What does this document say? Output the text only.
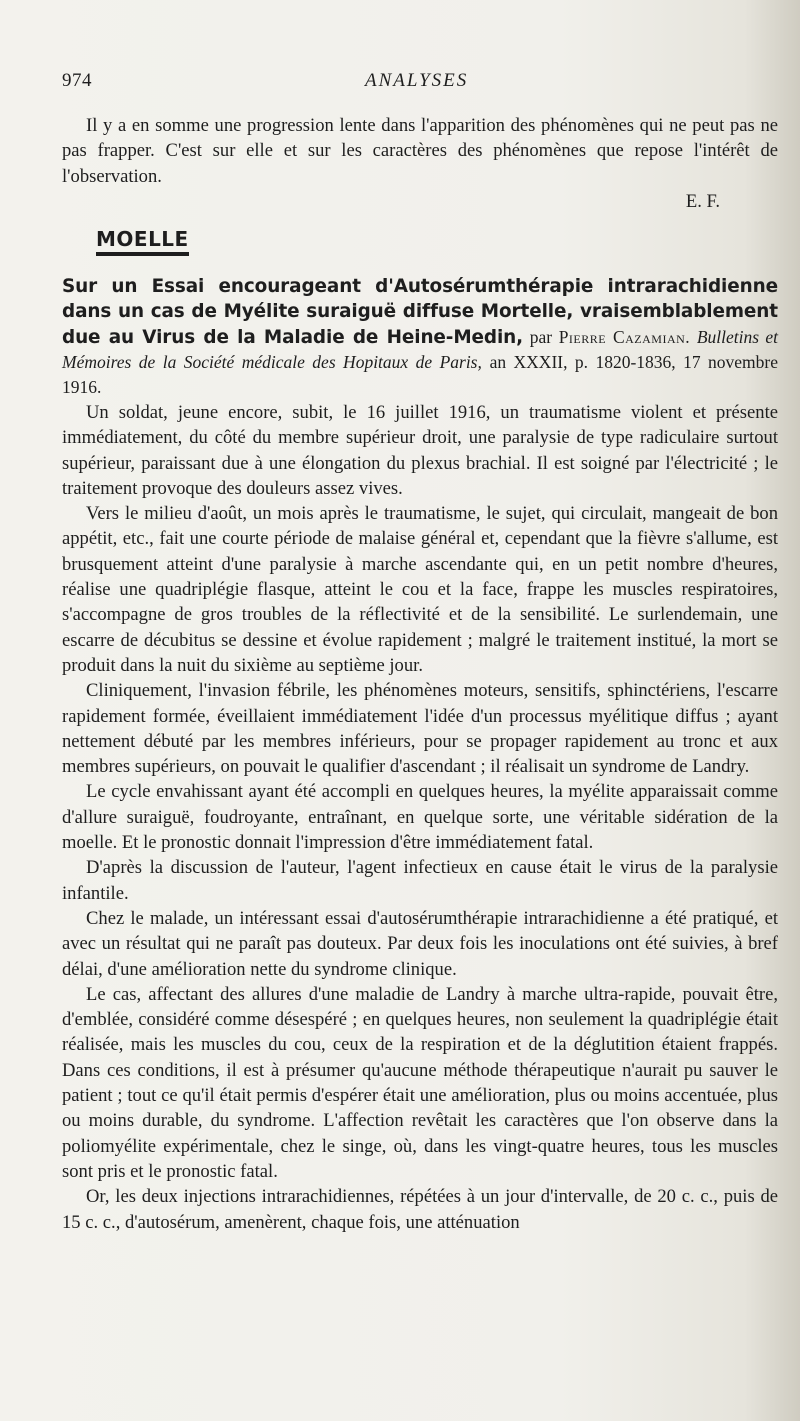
974	ANALYSES

Il y a en somme une progression lente dans l'apparition des phénomènes qui ne peut pas ne pas frapper. C'est sur elle et sur les caractères des phénomènes que repose l'intérêt de l'observation.

E. F.
MOELLE
Sur un Essai encourageant d'Autosérumthérapie intrarachidienne dans un cas de Myélite suraiguë diffuse Mortelle, vraisemblablement due au Virus de la Maladie de Heine-Medin, par Pierre Cazamian. Bulletins et Mémoires de la Société médicale des Hopitaux de Paris, an XXXII, p. 1820-1836, 17 novembre 1916.

Un soldat, jeune encore, subit, le 16 juillet 1916, un traumatisme violent et présente immédiatement, du côté du membre supérieur droit, une paralysie de type radiculaire surtout supérieur, paraissant due à une élongation du plexus brachial. Il est soigné par l'électricité ; le traitement provoque des douleurs assez vives.

Vers le milieu d'août, un mois après le traumatisme, le sujet, qui circulait, mangeait de bon appétit, etc., fait une courte période de malaise général et, cependant que la fièvre s'allume, est brusquement atteint d'une paralysie à marche ascendante qui, en un petit nombre d'heures, réalise une quadriplégie flasque, atteint le cou et la face, frappe les muscles respiratoires, s'accompagne de gros troubles de la réflectivité et de la sensibilité. Le surlendemain, une escarre de décubitus se dessine et évolue rapidement ; malgré le traitement institué, la mort se produit dans la nuit du sixième au septième jour.

Cliniquement, l'invasion fébrile, les phénomènes moteurs, sensitifs, sphinctériens, l'escarre rapidement formée, éveillaient immédiatement l'idée d'un processus myélitique diffus ; ayant nettement débuté par les membres inférieurs, pour se propager rapidement au tronc et aux membres supérieurs, on pouvait le qualifier d'ascendant ; il réalisait un syndrome de Landry.

Le cycle envahissant ayant été accompli en quelques heures, la myélite apparaissait comme d'allure suraiguë, foudroyante, entraînant, en quelque sorte, une véritable sidération de la moelle. Et le pronostic donnait l'impression d'être immédiatement fatal.

D'après la discussion de l'auteur, l'agent infectieux en cause était le virus de la paralysie infantile.

Chez le malade, un intéressant essai d'autosérumthérapie intrarachidienne a été pratiqué, et avec un résultat qui ne paraît pas douteux. Par deux fois les inoculations ont été suivies, à bref délai, d'une amélioration nette du syndrome clinique.

Le cas, affectant des allures d'une maladie de Landry à marche ultra-rapide, pouvait être, d'emblée, considéré comme désespéré ; en quelques heures, non seulement la quadriplégie était réalisée, mais les muscles du cou, ceux de la respiration et de la déglutition étaient frappés. Dans ces conditions, il est à présumer qu'aucune méthode thérapeutique n'aurait pu sauver le patient ; tout ce qu'il était permis d'espérer était une amélioration, plus ou moins accentuée, plus ou moins durable, du syndrome. L'affection revêtait les caractères que l'on observe dans la poliomyélite expérimentale, chez le singe, où, dans les vingt-quatre heures, tous les muscles sont pris et le pronostic fatal.

Or, les deux injections intrarachidiennes, répétées à un jour d'intervalle, de 20 c. c., puis de 15 c. c., d'autosérum, amenèrent, chaque fois, une atténuation
